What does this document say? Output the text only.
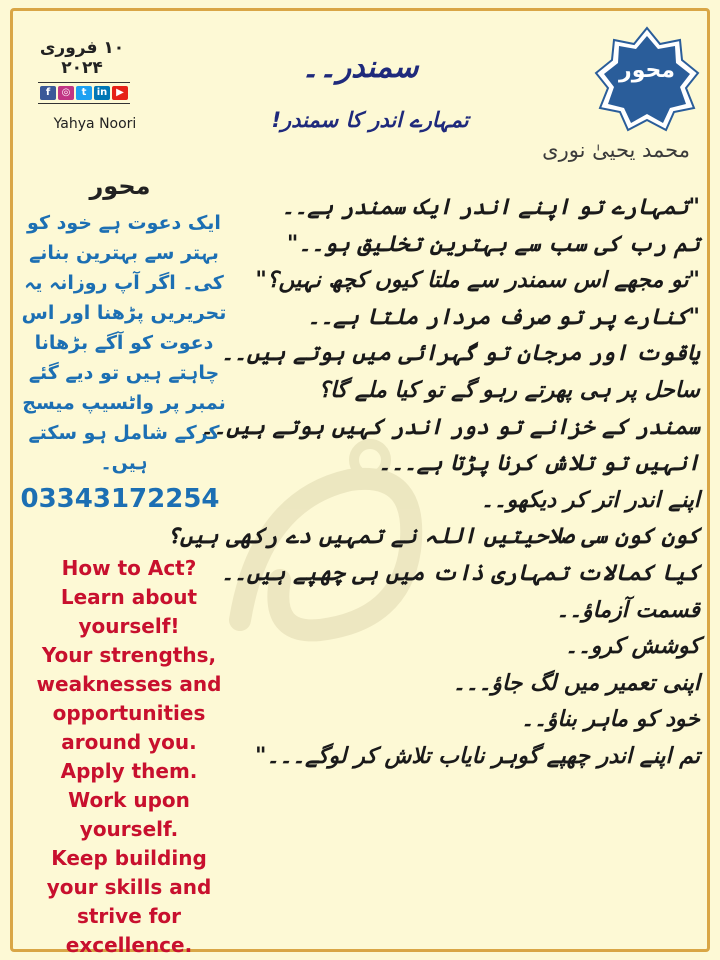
۱۰ فروری ۲۰۲۴
f	◎	t	in ▶
Yahya Noori
محور
سمندر۔۔
تمہارے اندر کا سمندر!
محمد یحییٰ نوری
محور
ایک دعوت ہے خود کو بہتر سے بہترین بنانے کی۔ اگر آپ روزانہ یہ تحریریں پڑھنا اور اس دعوت کو آگے بڑھانا چاہتے ہیں تو دیے گئے نمبر پر واٹسیپ میسج کرکے شامل ہو سکتے ہیں۔
03343172254
How to Act?
Learn about
yourself!
Your strengths,
weaknesses and
opportunities
around you.
Apply them.
Work upon
yourself.
Keep building
your skills and
strive for
excellence.
"تمہارے تو اپنے اندر ایک سمندر ہے۔۔
تم رب کی سب سے بہترین تخلیق ہو۔۔"
"تو مجھے اس سمندر سے ملتا کیوں کچھ نہیں؟"
"کنارے پر تو صرف مردار ملتا ہے۔۔
یاقوت اور مرجان تو گہرائی میں ہوتے ہیں۔۔
ساحل پر ہی پھرتے رہو گے تو کیا ملے گا؟
سمندر کے خزانے تو دور اندر کہیں ہوتے ہیں۔۔
انہیں تو تلاش کرنا پڑتا ہے۔۔۔
اپنے اندر اتر کر دیکھو۔۔
کون کون سی صلاحیتیں اللہ نے تمہیں دے رکھی ہیں؟
کیا کمالات تمہاری ذات میں ہی چھپے ہیں۔۔
قسمت آزماؤ۔۔
کوشش کرو۔۔
اپنی تعمیر میں لگ جاؤ۔۔۔
خود کو ماہر بناؤ۔۔
تم اپنے اندر چھپے گوہر نایاب تلاش کر لوگے۔۔۔"
